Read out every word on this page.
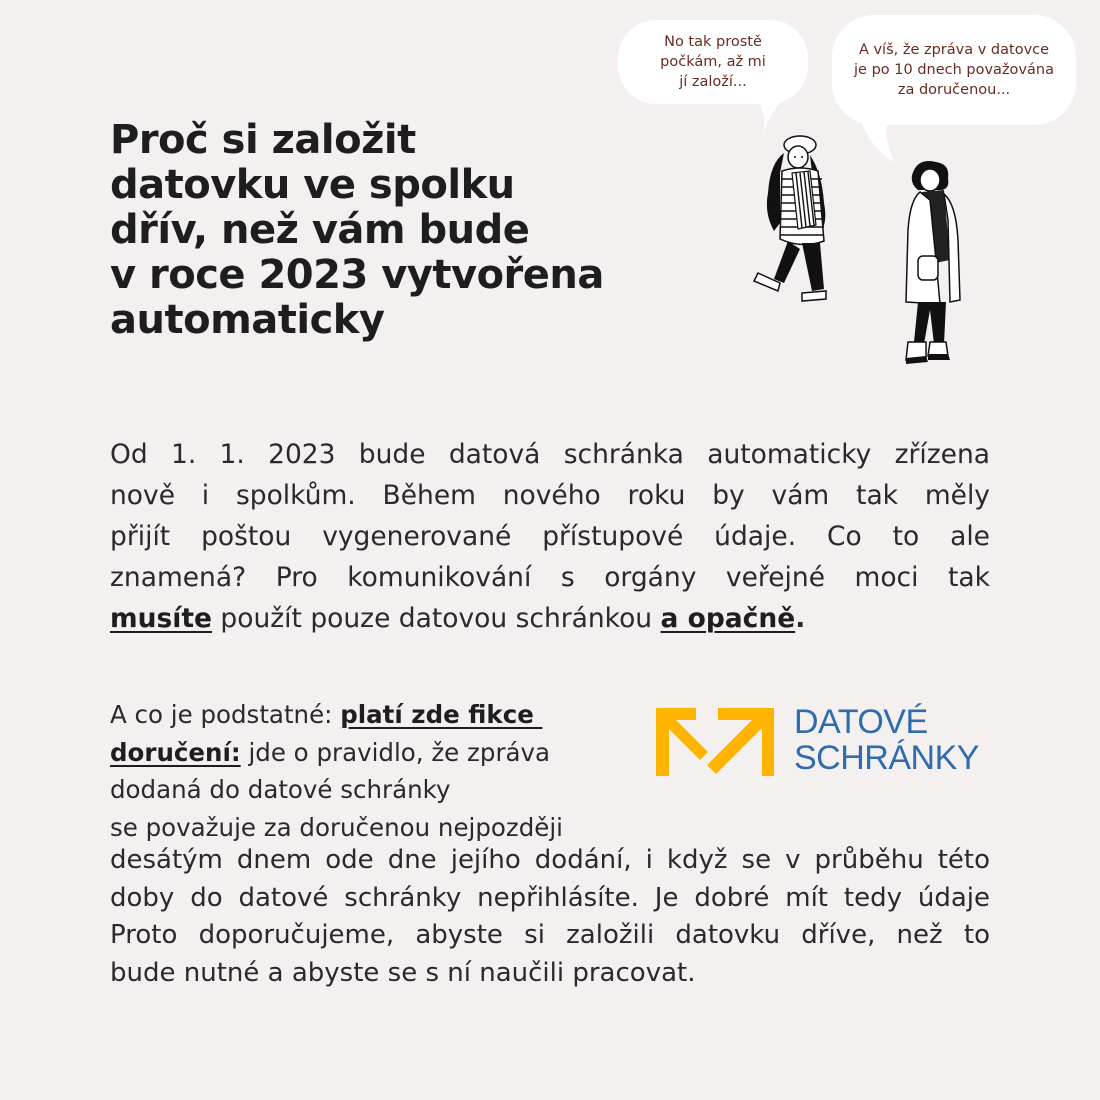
Proč si založit
datovku ve spolku
dřív, než vám bude
v roce 2023 vytvořena
automaticky
No tak prostě
počkám, až mi
jí založí...
A víš, že zpráva v datovce
je po 10 dnech považována
za doručenou...
Od 1. 1. 2023 bude datová schránka automaticky zřízena
nově i spolkům. Během nového roku by vám tak měly
přijít poštou vygenerované přístupové údaje. Co to ale
znamená? Pro komunikování s orgány veřejné moci tak
musíte použít pouze datovou schránkou a opačně.
A co je podstatné: platí zde fikce
doručení: jde o pravidlo, že zpráva
dodaná do datové schránky
se považuje za doručenou nejpozději
desátým dnem ode dne jejího dodání, i když se v průběhu této
doby do datové schránky nepřihlásíte. Je dobré mít tedy údaje
Proto doporučujeme, abyste si založili datovku dříve, než to
bude nutné a abyste se s ní naučili pracovat.
DATOVÉ
SCHRÁNKY
